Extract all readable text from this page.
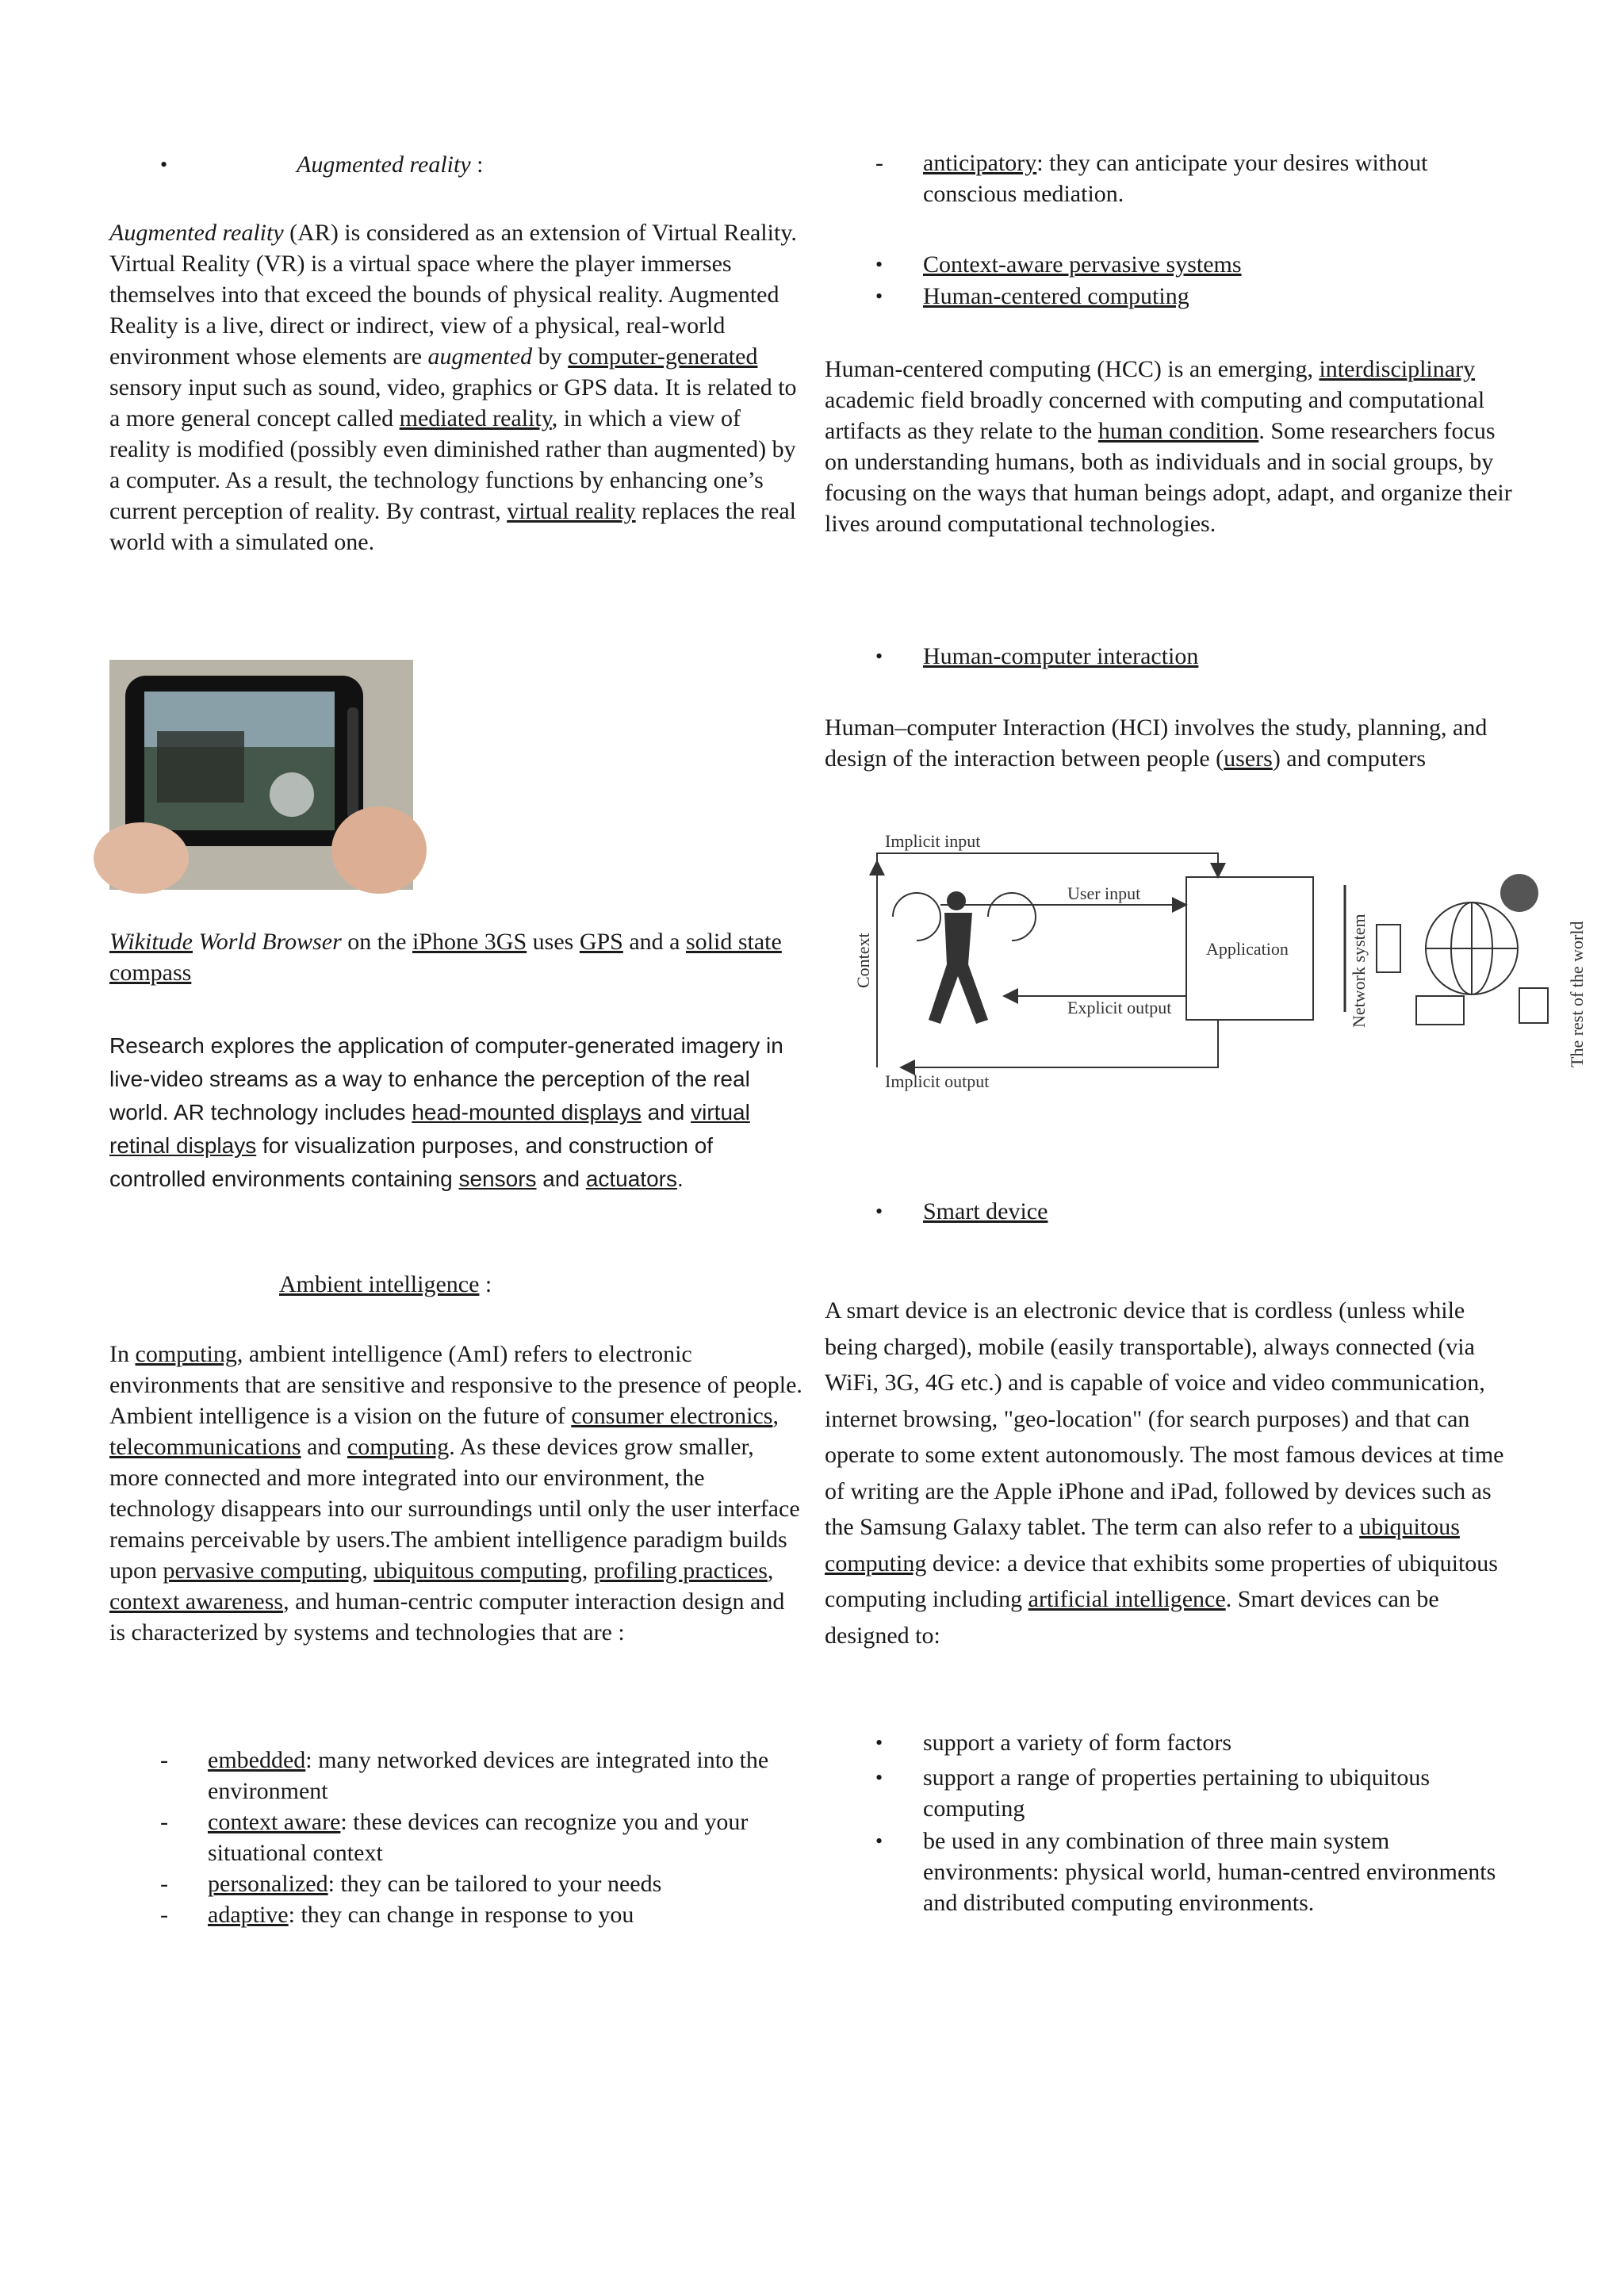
•	Augmented reality :

Augmented reality (AR) is considered as an extension of Virtual Reality. Virtual Reality (VR) is a virtual space where the player immerses themselves into that exceed the bounds of physical reality. Augmented Reality is a live, direct or indirect, view of a physical, real-world environment whose elements are augmented by computer-generated sensory input such as sound, video, graphics or GPS data. It is related to a more general concept called mediated reality, in which a view of reality is modified (possibly even diminished rather than augmented) by a computer. As a result, the technology functions by enhancing one’s current perception of reality. By contrast, virtual reality replaces the real world with a simulated one.

Wikitude World Browser on the iPhone 3GS uses GPS and a solid state compass

Research explores the application of computer-generated imagery in live-video streams as a way to enhance the perception of the real world. AR technology includes head-mounted displays and virtual retinal displays for visualization purposes, and construction of controlled environments containing sensors and actuators.

Ambient intelligence :

In computing, ambient intelligence (AmI) refers to electronic environments that are sensitive and responsive to the presence of people. Ambient intelligence is a vision on the future of consumer electronics, telecommunications and computing. As these devices grow smaller, more connected and more integrated into our environment, the technology disappears into our surroundings until only the user interface remains perceivable by users.The ambient intelligence paradigm builds upon pervasive computing, ubiquitous computing, profiling practices, context awareness, and human-centric computer interaction design and is characterized by systems and technologies that are :

- embedded: many networked devices are integrated into the environment
- context aware: these devices can recognize you and your situational context
- personalized: they can be tailored to your needs
- adaptive: they can change in response to you
- anticipatory: they can anticipate your desires without conscious mediation.
• Context-aware pervasive systems
• Human-centered computing

Human-centered computing (HCC) is an emerging, interdisciplinary academic field broadly concerned with computing and computational artifacts as they relate to the human condition. Some researchers focus on understanding humans, both as individuals and in social groups, by focusing on the ways that human beings adopt, adapt, and organize their lives around computational technologies.

• Human-computer interaction

Human–computer Interaction (HCI) involves the study, planning, and design of the interaction between people (users) and computers

Implicit input
User input
Application
Explicit output
Implicit output
Context	Network system	The rest of the world
• Smart device

A smart device is an electronic device that is cordless (unless while being charged), mobile (easily transportable), always connected (via WiFi, 3G, 4G etc.) and is capable of voice and video communication, internet browsing, "geo-location" (for search purposes) and that can operate to some extent autonomously. The most famous devices at time of writing are the Apple iPhone and iPad, followed by devices such as the Samsung Galaxy tablet. The term can also refer to a ubiquitous computing device: a device that exhibits some properties of ubiquitous computing including artificial intelligence. Smart devices can be designed to:

• support a variety of form factors
• support a range of properties pertaining to ubiquitous computing
• be used in any combination of three main system environments: physical world, human-centred environments and distributed computing environments.
